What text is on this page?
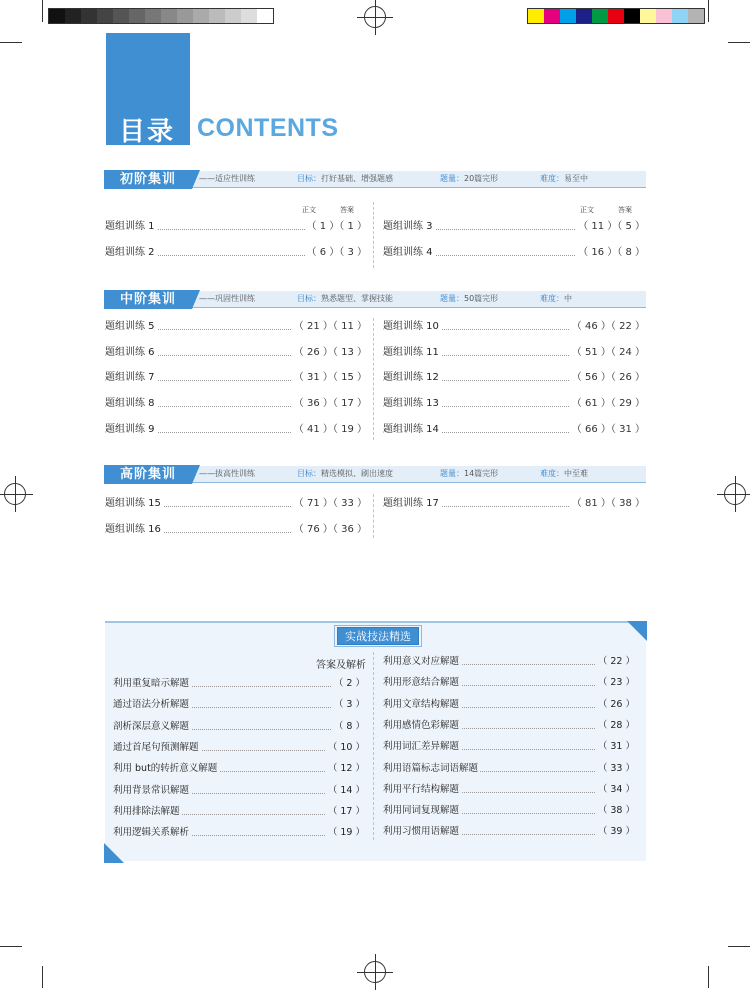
目录 CONTENTS
初阶集训	——适应性训练	目标：打好基础、增强题感	题量：20篇完形	难度：易至中
正文	答案	正文	答案
题组训练 1	（ 1 ）（ 1 ）
题组训练 2	（ 6 ）（ 3 ）
题组训练 3	（ 11 ）（ 5 ）
题组训练 4	（ 16 ）（ 8 ）
中阶集训	——巩固性训练	目标：熟悉题型、掌握技能	题量：50篇完形	难度：中
题组训练 5	（ 21 ）（ 11 ）
题组训练 6	（ 26 ）（ 13 ）
题组训练 7	（ 31 ）（ 15 ）
题组训练 8	（ 36 ）（ 17 ）
题组训练 9	（ 41 ）（ 19 ）
题组训练 10	（ 46 ）（ 22 ）
题组训练 11	（ 51 ）（ 24 ）
题组训练 12	（ 56 ）（ 26 ）
题组训练 13	（ 61 ）（ 29 ）
题组训练 14	（ 66 ）（ 31 ）
高阶集训	——拔高性训练	目标：精选模拟、刷出速度	题量：14篇完形	难度：中至难
题组训练 15	（ 71 ）（ 33 ）
题组训练 16	（ 76 ）（ 36 ）
题组训练 17	（ 81 ）（ 38 ）
实战技法精选
答案及解析
利用重复暗示解题	（ 2 ）
通过语法分析解题	（ 3 ）
剖析深层意义解题	（ 8 ）
通过首尾句预测解题	（ 10 ）
利用 but的转折意义解题	（ 12 ）
利用背景常识解题	（ 14 ）
利用排除法解题	（ 17 ）
利用逻辑关系解析	（ 19 ）
利用意义对应解题	（ 22 ）
利用形意结合解题	（ 23 ）
利用文章结构解题	（ 26 ）
利用感情色彩解题	（ 28 ）
利用词汇差异解题	（ 31 ）
利用语篇标志词语解题	（ 33 ）
利用平行结构解题	（ 34 ）
利用同词复现解题	（ 38 ）
利用习惯用语解题	（ 39 ）
